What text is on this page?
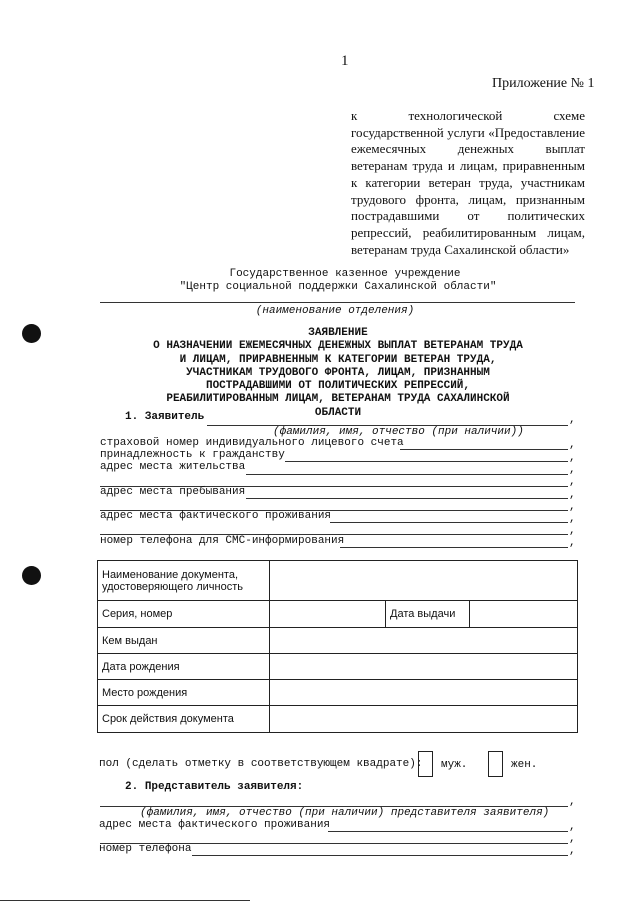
1
Приложение № 1
к технологической схеме государственной услуги «Предоставление ежемесячных денежных выплат ветеранам труда и лицам, приравненным к категории ветеран труда, участникам трудового фронта, лицам, признанным пострадавшими от политических репрессий, реабилитированным лицам, ветеранам труда Сахалинской области»
Государственное казенное учреждение
"Центр социальной поддержки Сахалинской области"
(наименование отделения)
ЗАЯВЛЕНИЕ
О НАЗНАЧЕНИИ ЕЖЕМЕСЯЧНЫХ ДЕНЕЖНЫХ ВЫПЛАТ ВЕТЕРАНАМ ТРУДА И ЛИЦАМ, ПРИРАВНЕННЫМ К КАТЕГОРИИ ВЕТЕРАН ТРУДА, УЧАСТНИКАМ ТРУДОВОГО ФРОНТА, ЛИЦАМ, ПРИЗНАННЫМ ПОСТРАДАВШИМИ ОТ ПОЛИТИЧЕСКИХ РЕПРЕССИЙ, РЕАБИЛИТИРОВАННЫМ ЛИЦАМ, ВЕТЕРАНАМ ТРУДА САХАЛИНСКОЙ ОБЛАСТИ
1. Заявитель	,
(фамилия, имя, отчество (при наличии))
страховой номер индивидуального лицевого счета	,
принадлежность к гражданству	,
адрес места жительства	,
,
адрес места пребывания	,
,
адрес места фактического проживания	,
,
номер телефона для СМС-информирования	,
Наименование документа, удостоверяющего личность			
Серия, номер		Дата выдачи	
Кем выдан			
Дата рождения			
Место рождения			
Срок действия документа			
пол (сделать отметку в соответствующем квадрате): муж.	жен.
2. Представитель заявителя:
,
(фамилия, имя, отчество (при наличии) представителя заявителя)
адрес места фактического проживания	,
,
номер телефона	,
